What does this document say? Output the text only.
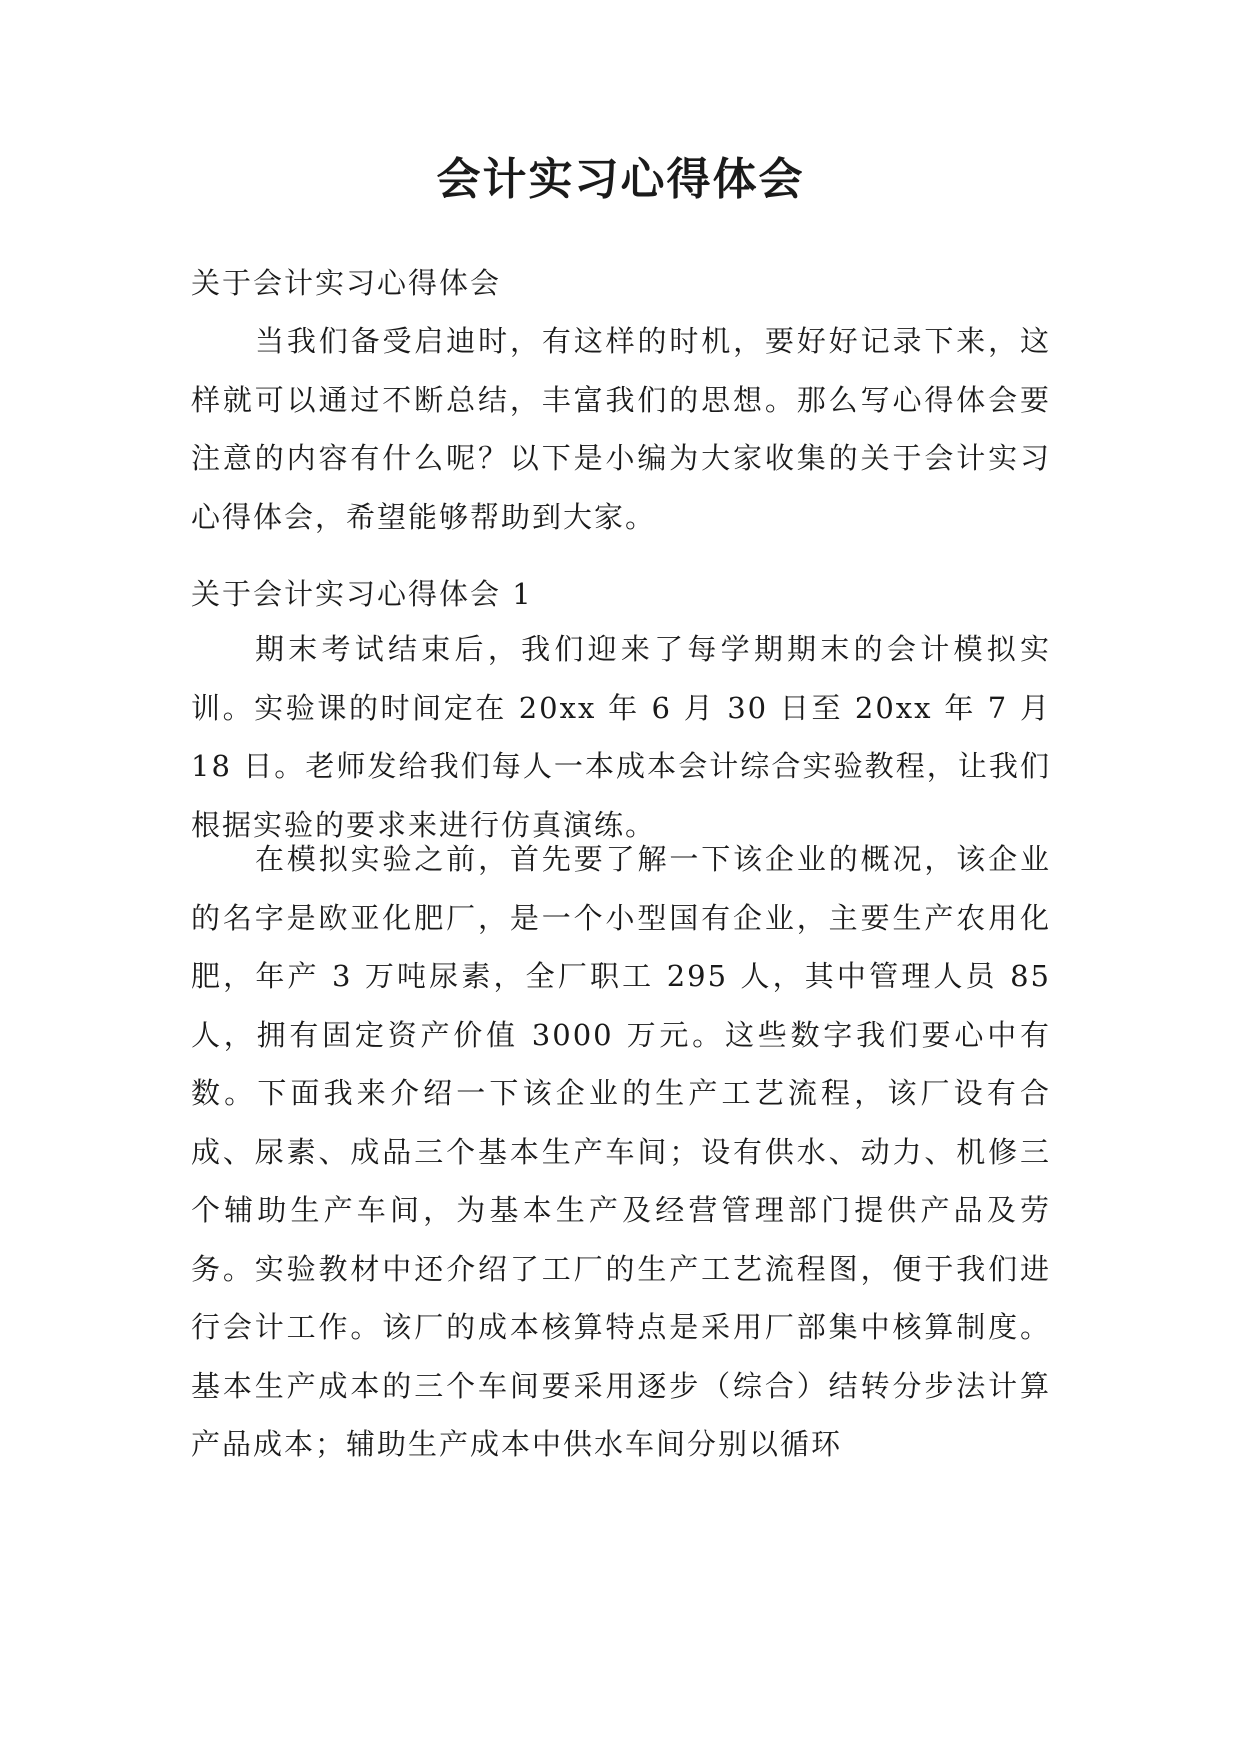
会计实习心得体会

关于会计实习心得体会

当我们备受启迪时，有这样的时机，要好好记录下来，这样就可以通过不断总结，丰富我们的思想。那么写心得体会要注意的内容有什么呢？以下是小编为大家收集的关于会计实习心得体会，希望能够帮助到大家。

关于会计实习心得体会 1

期末考试结束后，我们迎来了每学期期末的会计模拟实训。实验课的时间定在 20xx 年 6 月 30 日至 20xx 年 7 月 18 日。老师发给我们每人一本成本会计综合实验教程，让我们根据实验的要求来进行仿真演练。

在模拟实验之前，首先要了解一下该企业的概况，该企业的名字是欧亚化肥厂，是一个小型国有企业，主要生产农用化肥，年产 3 万吨尿素，全厂职工 295 人，其中管理人员 85 人，拥有固定资产价值 3000 万元。这些数字我们要心中有数。下面我来介绍一下该企业的生产工艺流程，该厂设有合成、尿素、成品三个基本生产车间；设有供水、动力、机修三个辅助生产车间，为基本生产及经营管理部门提供产品及劳务。实验教材中还介绍了工厂的生产工艺流程图，便于我们进行会计工作。该厂的成本核算特点是采用厂部集中核算制度。基本生产成本的三个车间要采用逐步（综合）结转分步法计算产品成本；辅助生产成本中供水车间分别以循环
